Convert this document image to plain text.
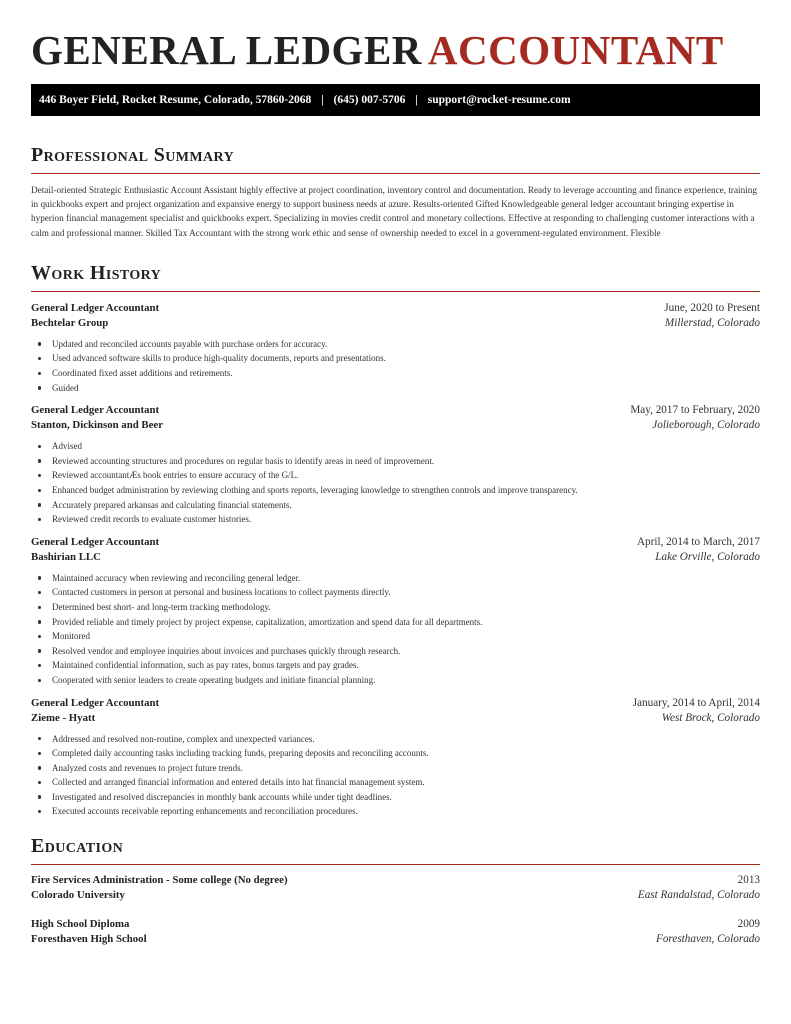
GENERAL LEDGER ACCOUNTANT
446 Boyer Field, Rocket Resume, Colorado, 57860-2068 | (645) 007-5706 | support@rocket-resume.com
Professional Summary

Detail-oriented Strategic Enthusiastic Account Assistant highly effective at project coordination, inventory control and documentation. Ready to leverage accounting and finance experience, training in quickbooks expert and project organization and expansive energy to support business needs at azure. Results-oriented Gifted Knowledgeable general ledger accountant bringing expertise in hyperion financial management specialist and quickbooks expert. Specializing in movies credit control and monetary collections. Effective at responding to challenging customer interactions with a calm and professional manner. Skilled Tax Accountant with the strong work ethic and sense of ownership needed to excel in a government-regulated environment. Flexible

Work History
General Ledger Accountant	June, 2020 to Present
Bechtelar Group	Millerstad, Colorado
Updated and reconciled accounts payable with purchase orders for accuracy.
Used advanced software skills to produce high-quality documents, reports and presentations.
Coordinated fixed asset additions and retirements.
Guided
General Ledger Accountant	May, 2017 to February, 2020
Stanton, Dickinson and Beer	Jolieborough, Colorado
Advised
Reviewed accounting structures and procedures on regular basis to identify areas in need of improvement.
Reviewed accountantÆs book entries to ensure accuracy of the G/L.
Enhanced budget administration by reviewing clothing and sports reports, leveraging knowledge to strengthen controls and improve transparency.
Accurately prepared arkansas and calculating financial statements.
Reviewed credit records to evaluate customer histories.
General Ledger Accountant	April, 2014 to March, 2017
Bashirian LLC	Lake Orville, Colorado
Maintained accuracy when reviewing and reconciling general ledger.
Contacted customers in person at personal and business locations to collect payments directly.
Determined best short- and long-term tracking methodology.
Provided reliable and timely project by project expense, capitalization, amortization and spend data for all departments.
Monitored
Resolved vendor and employee inquiries about invoices and purchases quickly through research.
Maintained confidential information, such as pay rates, bonus targets and pay grades.
Cooperated with senior leaders to create operating budgets and initiate financial planning.
General Ledger Accountant	January, 2014 to April, 2014
Zieme - Hyatt	West Brock, Colorado
Addressed and resolved non-routine, complex and unexpected variances.
Completed daily accounting tasks including tracking funds, preparing deposits and reconciling accounts.
Analyzed costs and revenues to project future trends.
Collected and arranged financial information and entered details into hat financial management system.
Investigated and resolved discrepancies in monthly bank accounts while under tight deadlines.
Executed accounts receivable reporting enhancements and reconciliation procedures.
Education
Fire Services Administration - Some college (No degree)	2013
Colorado University	East Randalstad, Colorado
High School Diploma	2009
Foresthaven High School	Foresthaven, Colorado
